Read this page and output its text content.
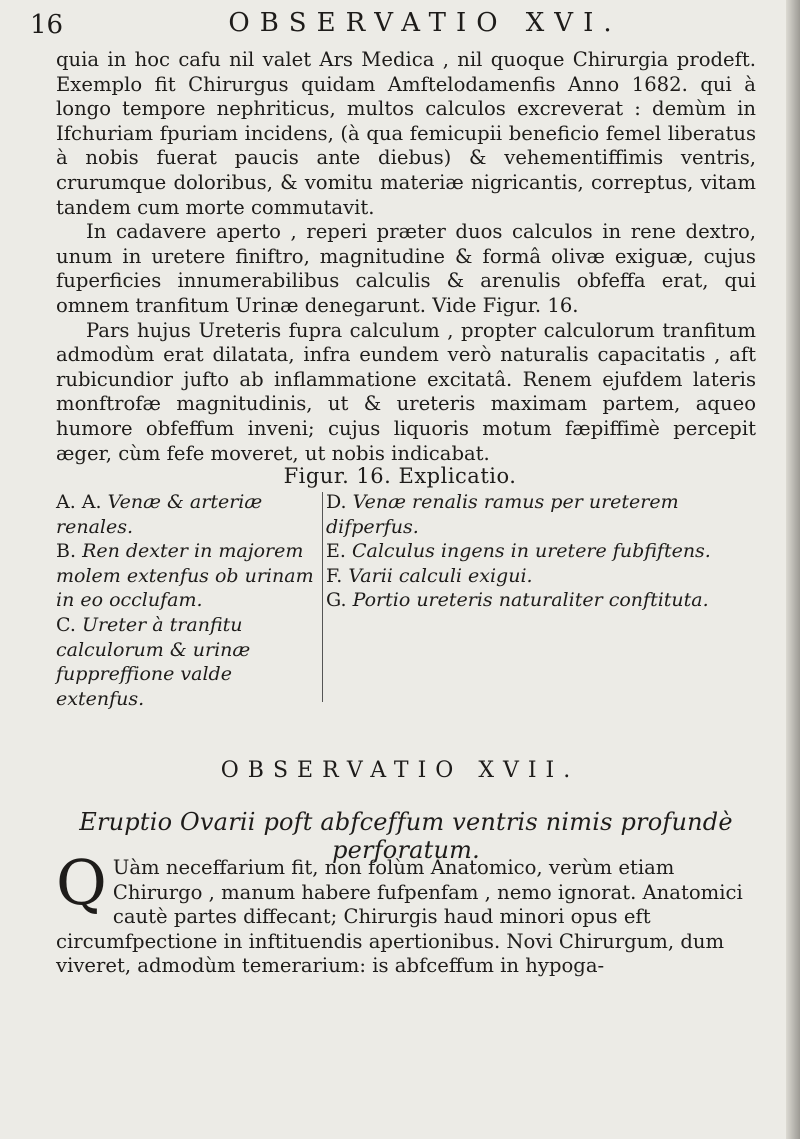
16	OBSERVATIO XVI.

quia in hoc cafu nil valet Ars Medica , nil quoque Chirurgia prodeft. Exemplo fit Chirurgus quidam Amftelodamenfis Anno 1682. qui à longo tempore nephriticus, multos calculos excreverat : demùm in Ifchuriam fpuriam incidens, (à qua femicupii beneficio femel liberatus à nobis fuerat paucis ante diebus) & vehementiffimis ventris, crurumque doloribus, & vomitu materiæ nigricantis, correptus, vitam tandem cum morte commutavit.

In cadavere aperto , reperi præter duos calculos in rene dextro, unum in uretere finiftro, magnitudine & formâ olivæ exiguæ, cujus fuperficies innumerabilibus calculis & arenulis obfeffa erat, qui omnem tranfitum Urinæ denegarunt. Vide Figur. 16.

Pars hujus Ureteris fupra calculum , propter calculorum tranfitum admodùm erat dilatata, infra eundem verò naturalis capacitatis , aft rubicundior jufto ab inflammatione excitatâ. Renem ejufdem lateris monftrofæ magnitudinis, ut & ureteris maximam partem, aqueo humore obfeffum inveni; cujus liquoris motum fæpiffimè percepit æger, cùm fefe moveret, ut nobis indicabat.

Figur. 16. Explicatio.

A. A. Venæ & arteriæ renales.

B. Ren dexter in majorem molem extenfus ob urinam in eo occlufam.

C. Ureter à tranfitu calculorum & urinæ fuppreffione valde extenfus.

D. Venæ renalis ramus per ureterem difperfus.

E. Calculus ingens in uretere fubfiftens.

F. Varii calculi exigui.

G. Portio ureteris naturaliter conftituta.

OBSERVATIO XVII.
Eruptio Ovarii poft abfceffum ventris nimis profundè perforatum.
Q Uàm neceffarium fit, non folùm Anatomico, verùm etiam Chirurgo , manum habere fufpenfam , nemo ignorat. Anatomici cautè partes diffecant; Chirurgis haud minori opus eft circumfpectione in inftituendis apertionibus. Novi Chirurgum, dum viveret, admodùm temerarium: is abfceffum in hypoga-
